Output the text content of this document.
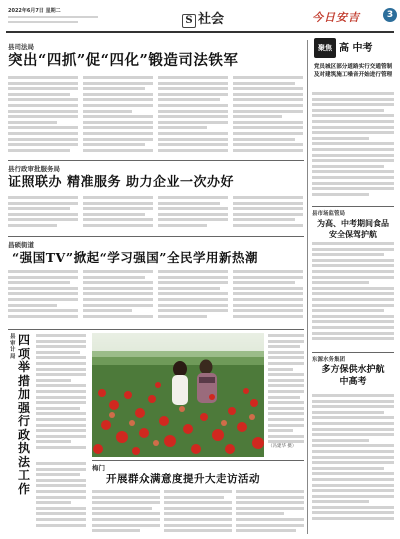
2022年6月7日 星期二
S 社会	今日安吉	3
县司法局
突出“四抓”促“四化”锻造司法铁军
县行政审批服务局
证照联办 精准服务 助力企业一次办好
昌硕街道
“强国TV”掀起“学习强国”全民学用新热潮
县审计局
四项举措加强行政执法工作
（冯建华 摄）
梅门
开展群众满意度提升大走访活动
聚焦 高 中考
党员城区部分道路实行交通管制及对建筑施工噪音开始进行管理
县市场监管局
为高、中考期间食品安全保驾护航
东源水务集团
多方保供水护航中高考
